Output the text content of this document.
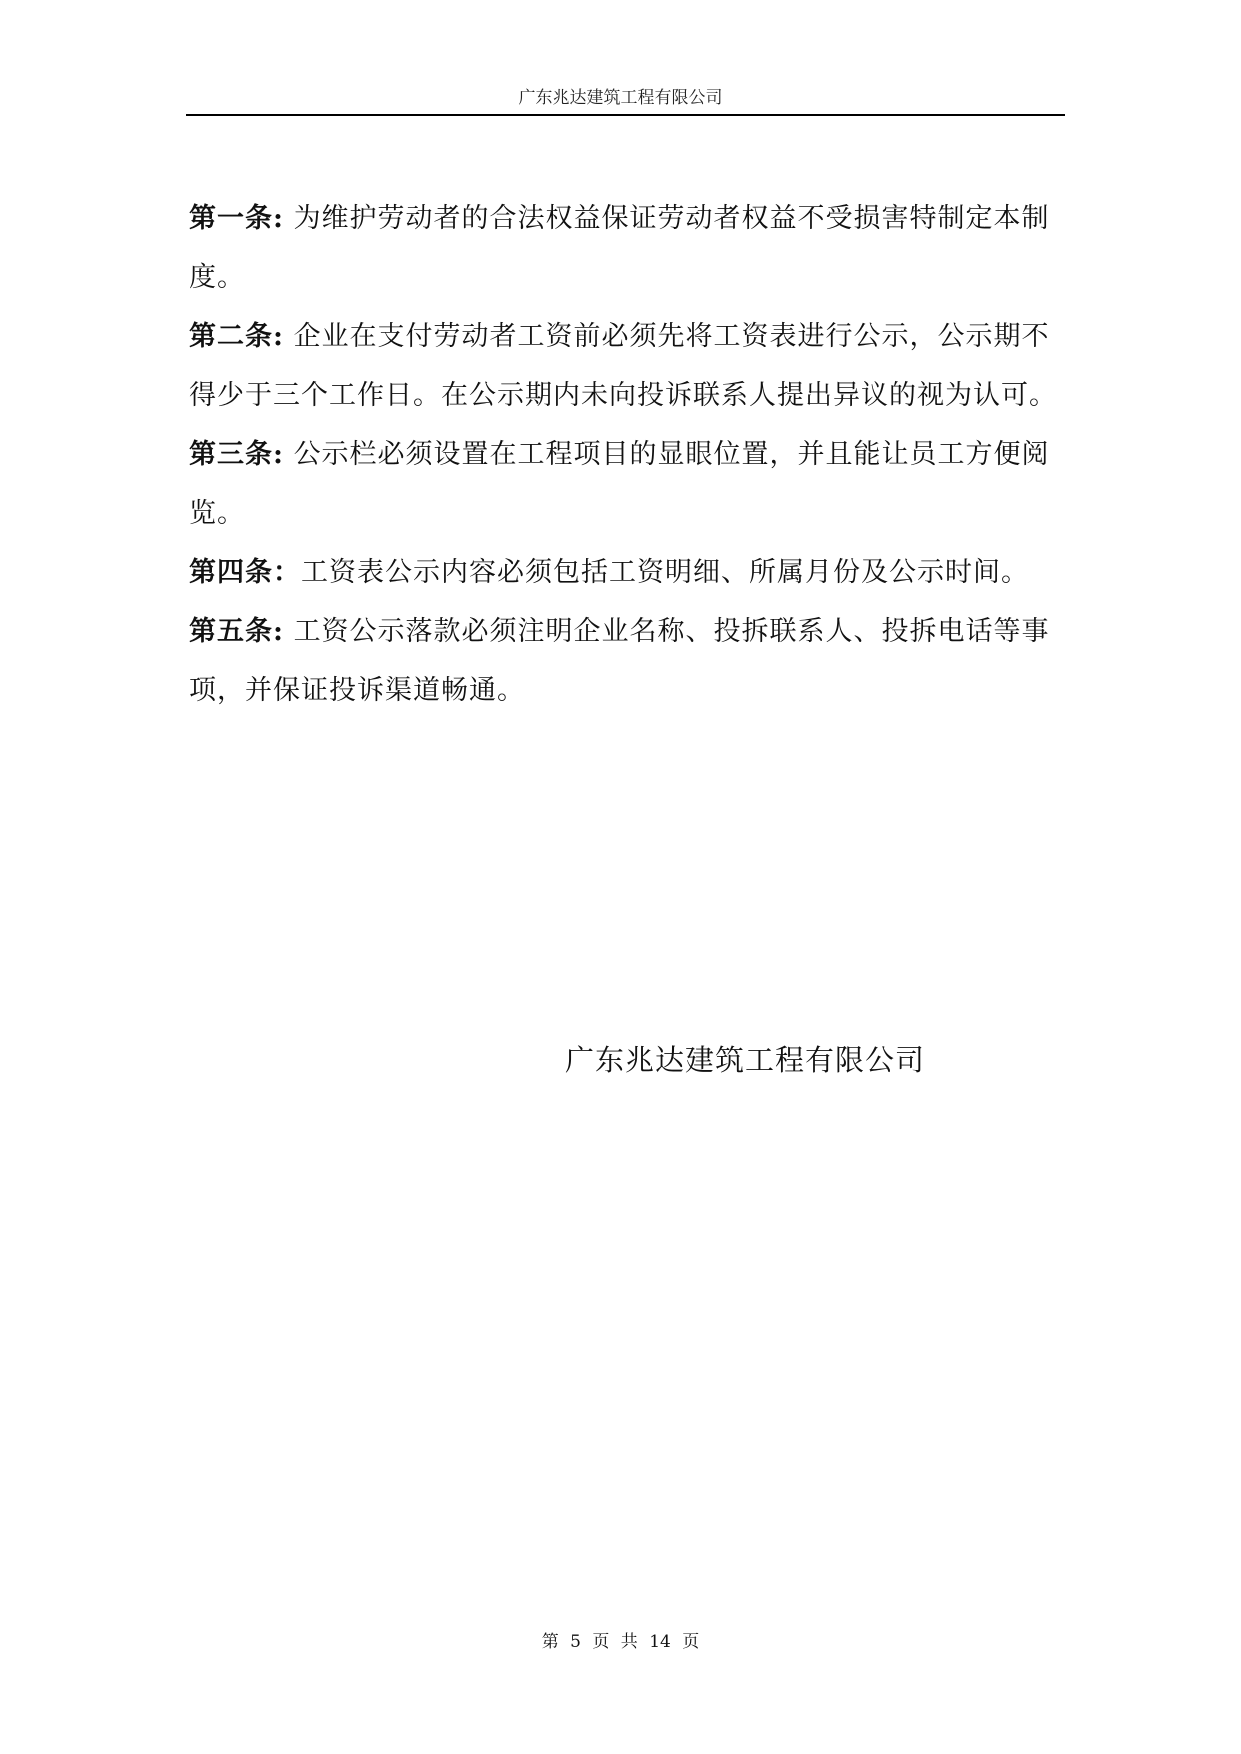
广东兆达建筑工程有限公司

第一条: 为维护劳动者的合法权益保证劳动者权益不受损害特制定本制度。

第二条: 企业在支付劳动者工资前必须先将工资表进行公示，公示期不得少于三个工作日。在公示期内未向投诉联系人提出异议的视为认可。

第三条: 公示栏必须设置在工程项目的显眼位置，并且能让员工方便阅览。

第四条：工资表公示内容必须包括工资明细、所属月份及公示时间。

第五条: 工资公示落款必须注明企业名称、投拆联系人、投拆电话等事项，并保证投诉渠道畅通。

广东兆达建筑工程有限公司
第 5 页 共 14 页
